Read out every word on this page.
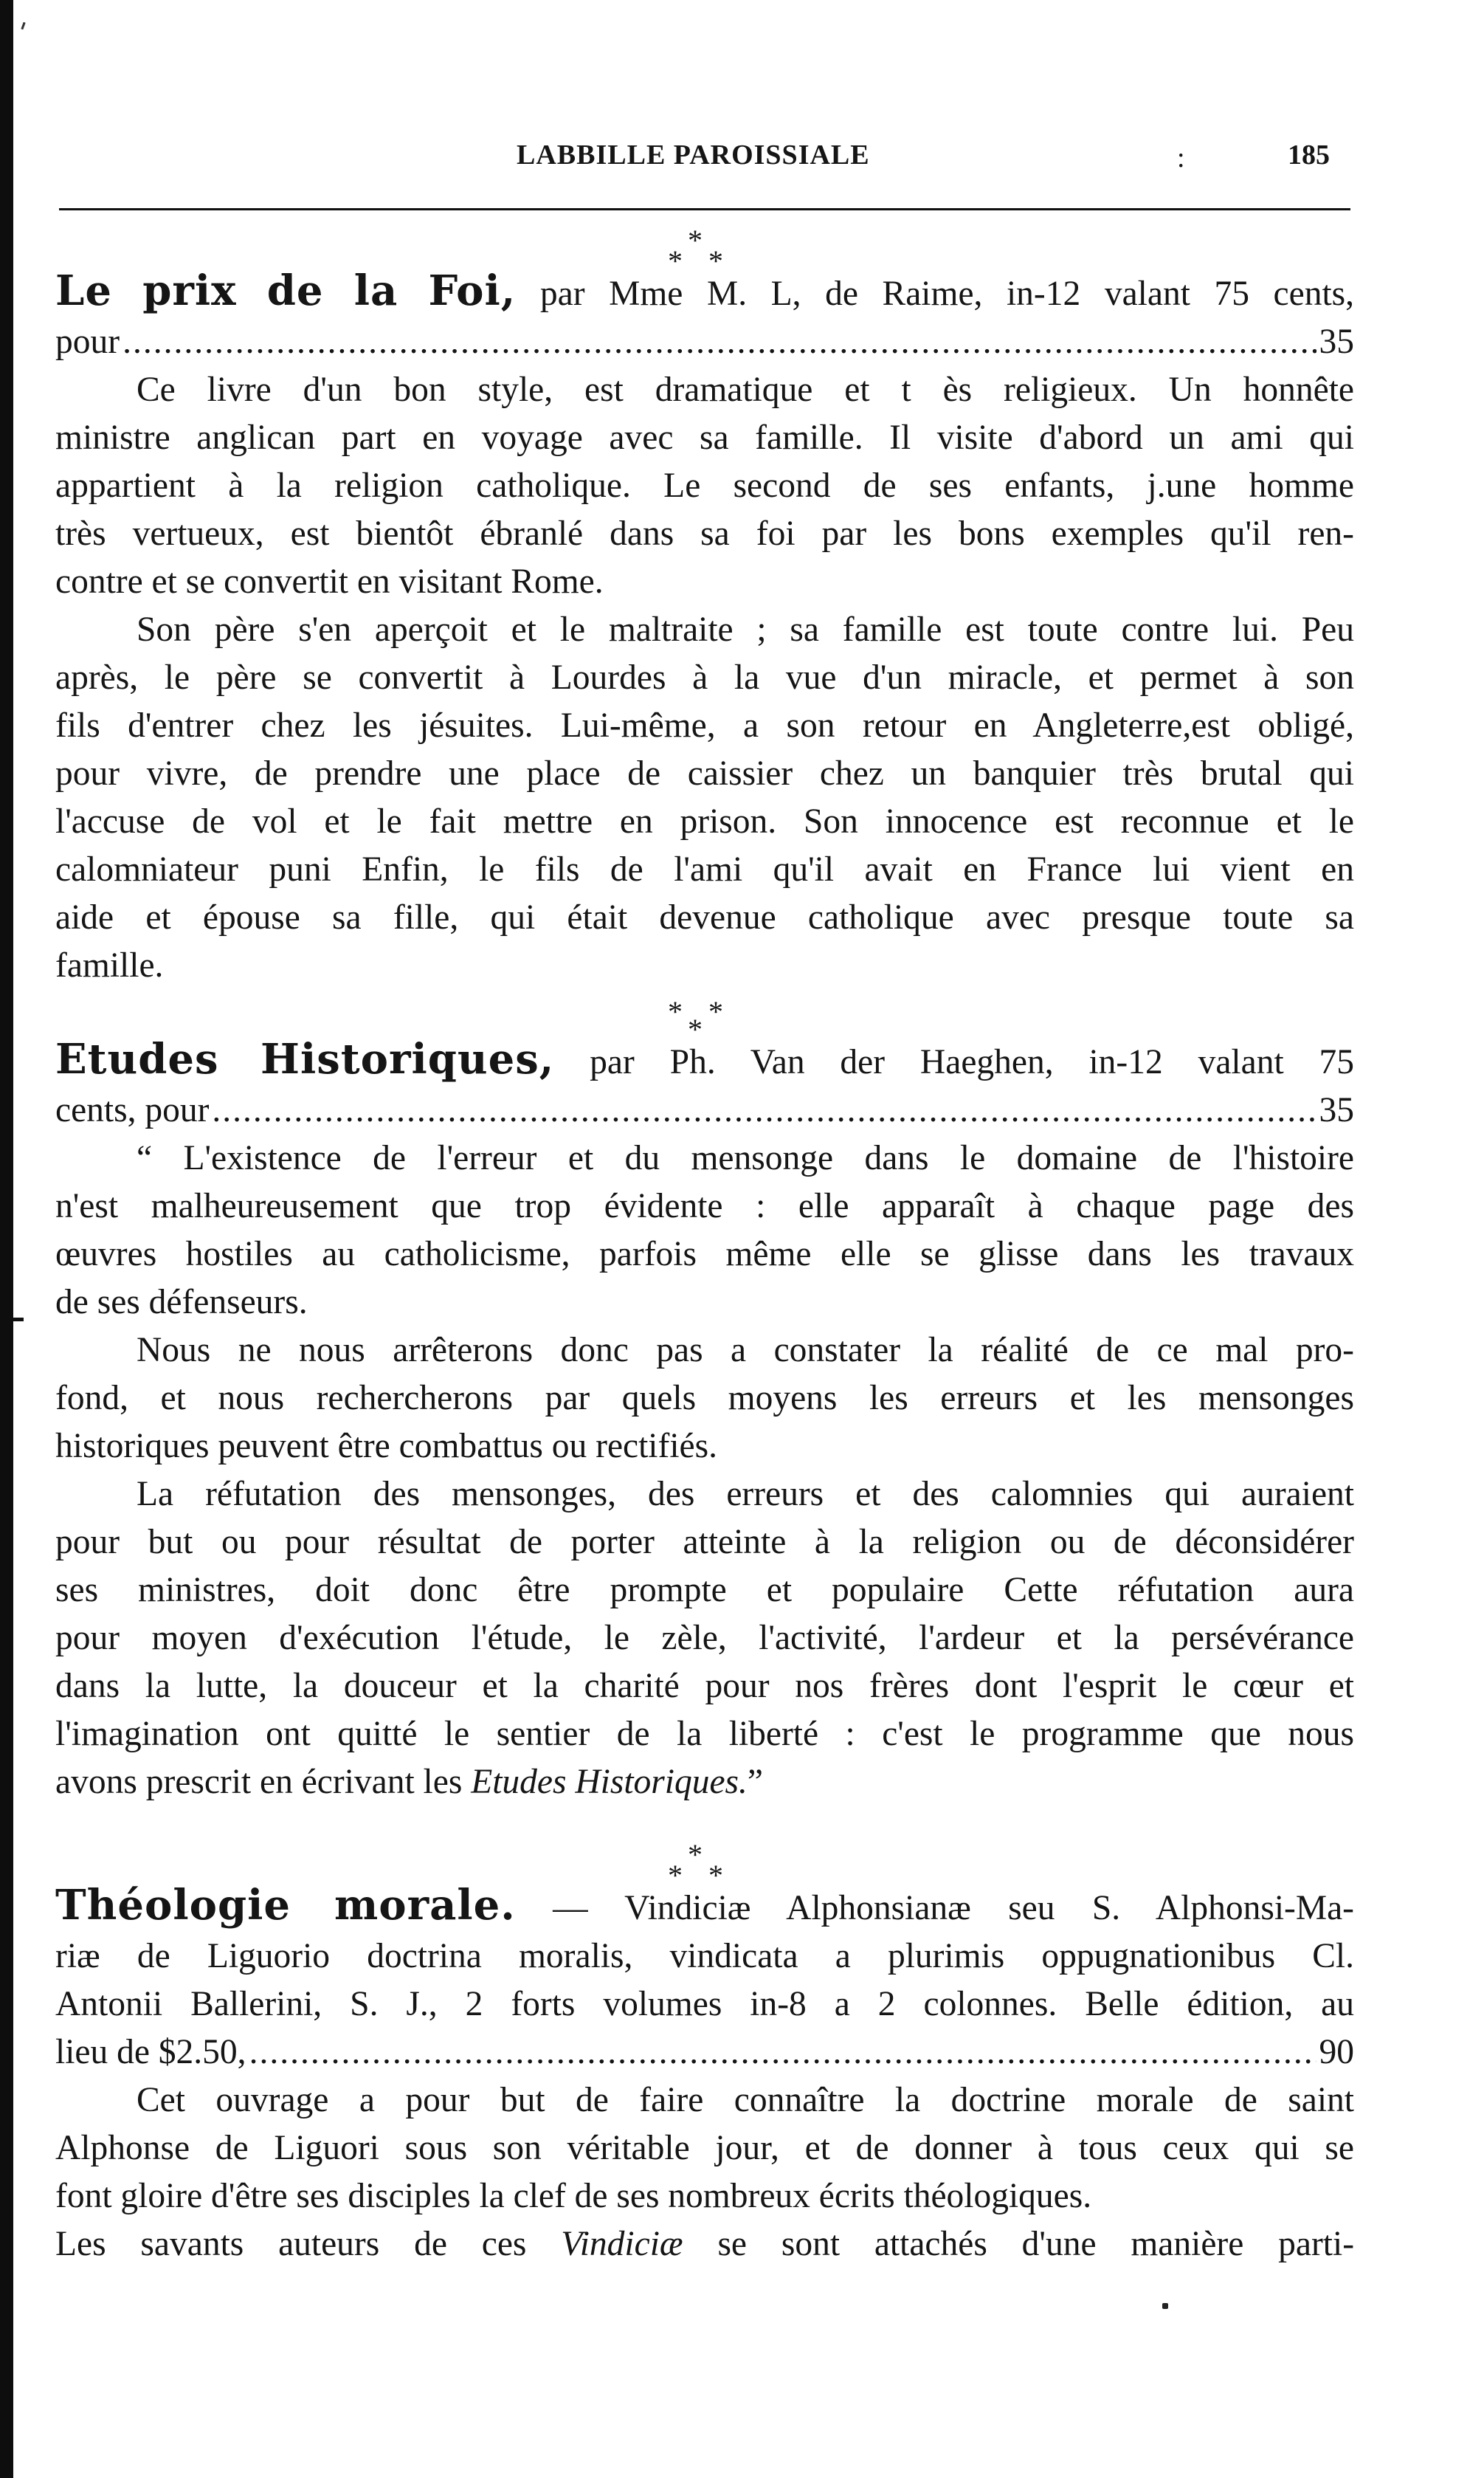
LABBILLE PAROISSIALE	:	185
*
* *

Le prix de la Foi, par Mme M. L, de Raime, in-12 valant 75 cents,

pour .....	35

Ce livre d'un bon style, est dramatique et t ès religieux. Un honnête

ministre anglican part en voyage avec sa famille. Il visite d'abord un ami qui

appartient à la religion catholique. Le second de ses enfants, j.une homme

très vertueux, est bientôt ébranlé dans sa foi par les bons exemples qu'il ren-

contre et se convertit en visitant Rome.

Son père s'en aperçoit et le maltraite ; sa famille est toute contre lui. Peu

après, le père se convertit à Lourdes à la vue d'un miracle, et permet à son

fils d'entrer chez les jésuites. Lui-même, a son retour en Angleterre,est obligé,

pour vivre, de prendre une place de caissier chez un banquier très brutal qui

l'accuse de vol et le fait mettre en prison. Son innocence est reconnue et le

calomniateur puni Enfin, le fils de l'ami qu'il avait en France lui vient en

aide et épouse sa fille, qui était devenue catholique avec presque toute sa

famille.

* *
*

Etudes Historiques, par Ph. Van der Haeghen, in-12 valant 75

cents, pour .....	35

“ L'existence de l'erreur et du mensonge dans le domaine de l'histoire

n'est malheureusement que trop évidente : elle apparaît à chaque page des

œuvres hostiles au catholicisme, parfois même elle se glisse dans les travaux

de ses défenseurs.

Nous ne nous arrêterons donc pas a constater la réalité de ce mal pro-

fond, et nous rechercherons par quels moyens les erreurs et les mensonges

historiques peuvent être combattus ou rectifiés.

La réfutation des mensonges, des erreurs et des calomnies qui auraient

pour but ou pour résultat de porter atteinte à la religion ou de déconsidérer

ses ministres, doit donc être prompte et populaire Cette réfutation aura

pour moyen d'exécution l'étude, le zèle, l'activité, l'ardeur et la persévérance

dans la lutte, la douceur et la charité pour nos frères dont l'esprit le cœur et

l'imagination ont quitté le sentier de la liberté : c'est le programme que nous

avons prescrit en écrivant les Etudes Historiques.”

*
* *

Théologie morale. — Vindiciæ Alphonsianæ seu S. Alphonsi-Ma-

riæ de Liguorio doctrina moralis, vindicata a plurimis oppugnationibus Cl.

Antonii Ballerini, S. J., 2 forts volumes in-8 a 2 colonnes. Belle édition, au

lieu de $2.50, .....	90

Cet ouvrage a pour but de faire connaître la doctrine morale de saint

Alphonse de Liguori sous son véritable jour, et de donner à tous ceux qui se

font gloire d'être ses disciples la clef de ses nombreux écrits théologiques.

Les savants auteurs de ces Vindiciæ se sont attachés d'une manière parti-
